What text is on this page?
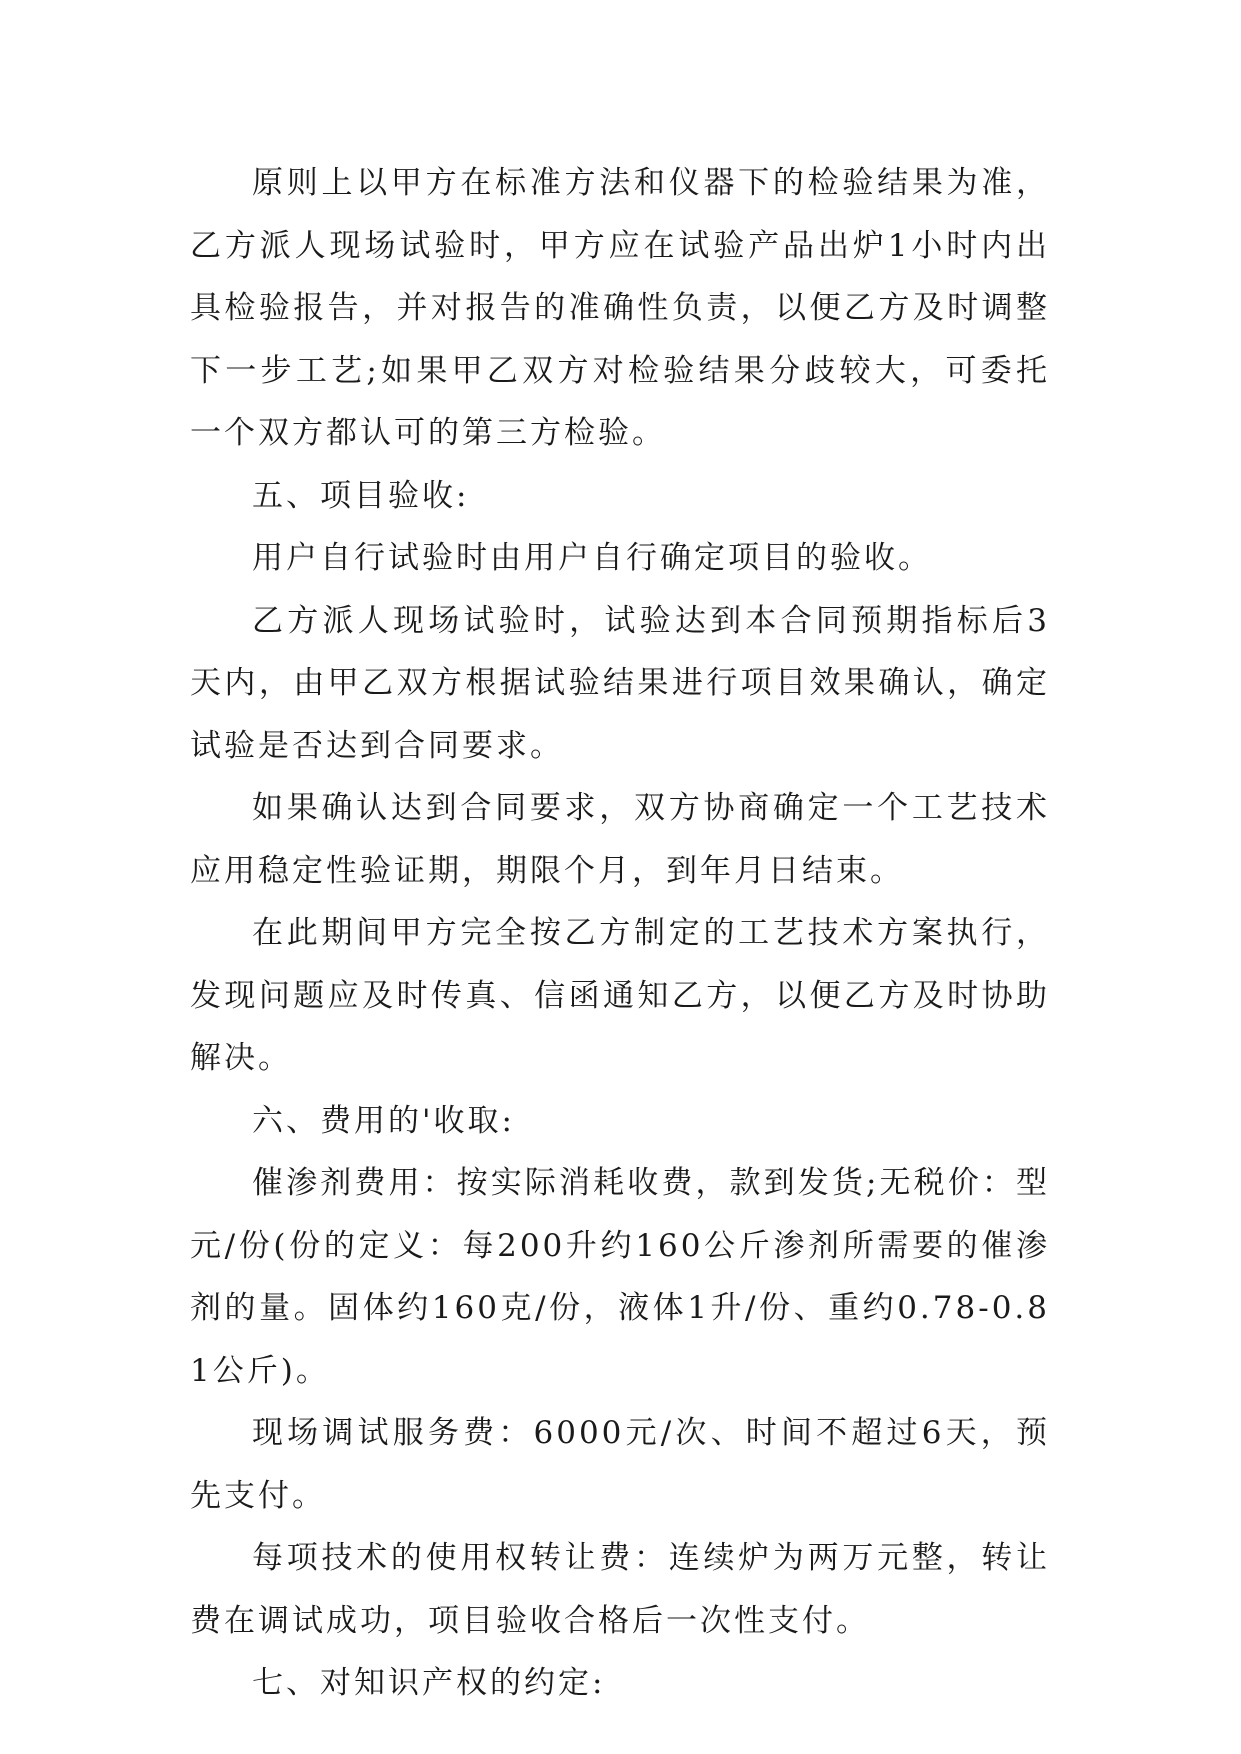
原则上以甲方在标准方法和仪器下的检验结果为准，乙方派人现场试验时，甲方应在试验产品出炉1小时内出具检验报告，并对报告的准确性负责，以便乙方及时调整下一步工艺;如果甲乙双方对检验结果分歧较大，可委托一个双方都认可的第三方检验。

五、项目验收:

用户自行试验时由用户自行确定项目的验收。

乙方派人现场试验时，试验达到本合同预期指标后3天内，由甲乙双方根据试验结果进行项目效果确认，确定试验是否达到合同要求。

如果确认达到合同要求，双方协商确定一个工艺技术应用稳定性验证期，期限个月，到年月日结束。

在此期间甲方完全按乙方制定的工艺技术方案执行，发现问题应及时传真、信函通知乙方，以便乙方及时协助解决。

六、费用的'收取:

催渗剂费用：按实际消耗收费，款到发货;无税价：型元/份(份的定义：每200升约160公斤渗剂所需要的催渗剂的量。固体约160克/份，液体1升/份、重约0.78-0.81公斤)。

现场调试服务费：6000元/次、时间不超过6天，预先支付。

每项技术的使用权转让费：连续炉为两万元整，转让费在调试成功，项目验收合格后一次性支付。

七、对知识产权的约定:
